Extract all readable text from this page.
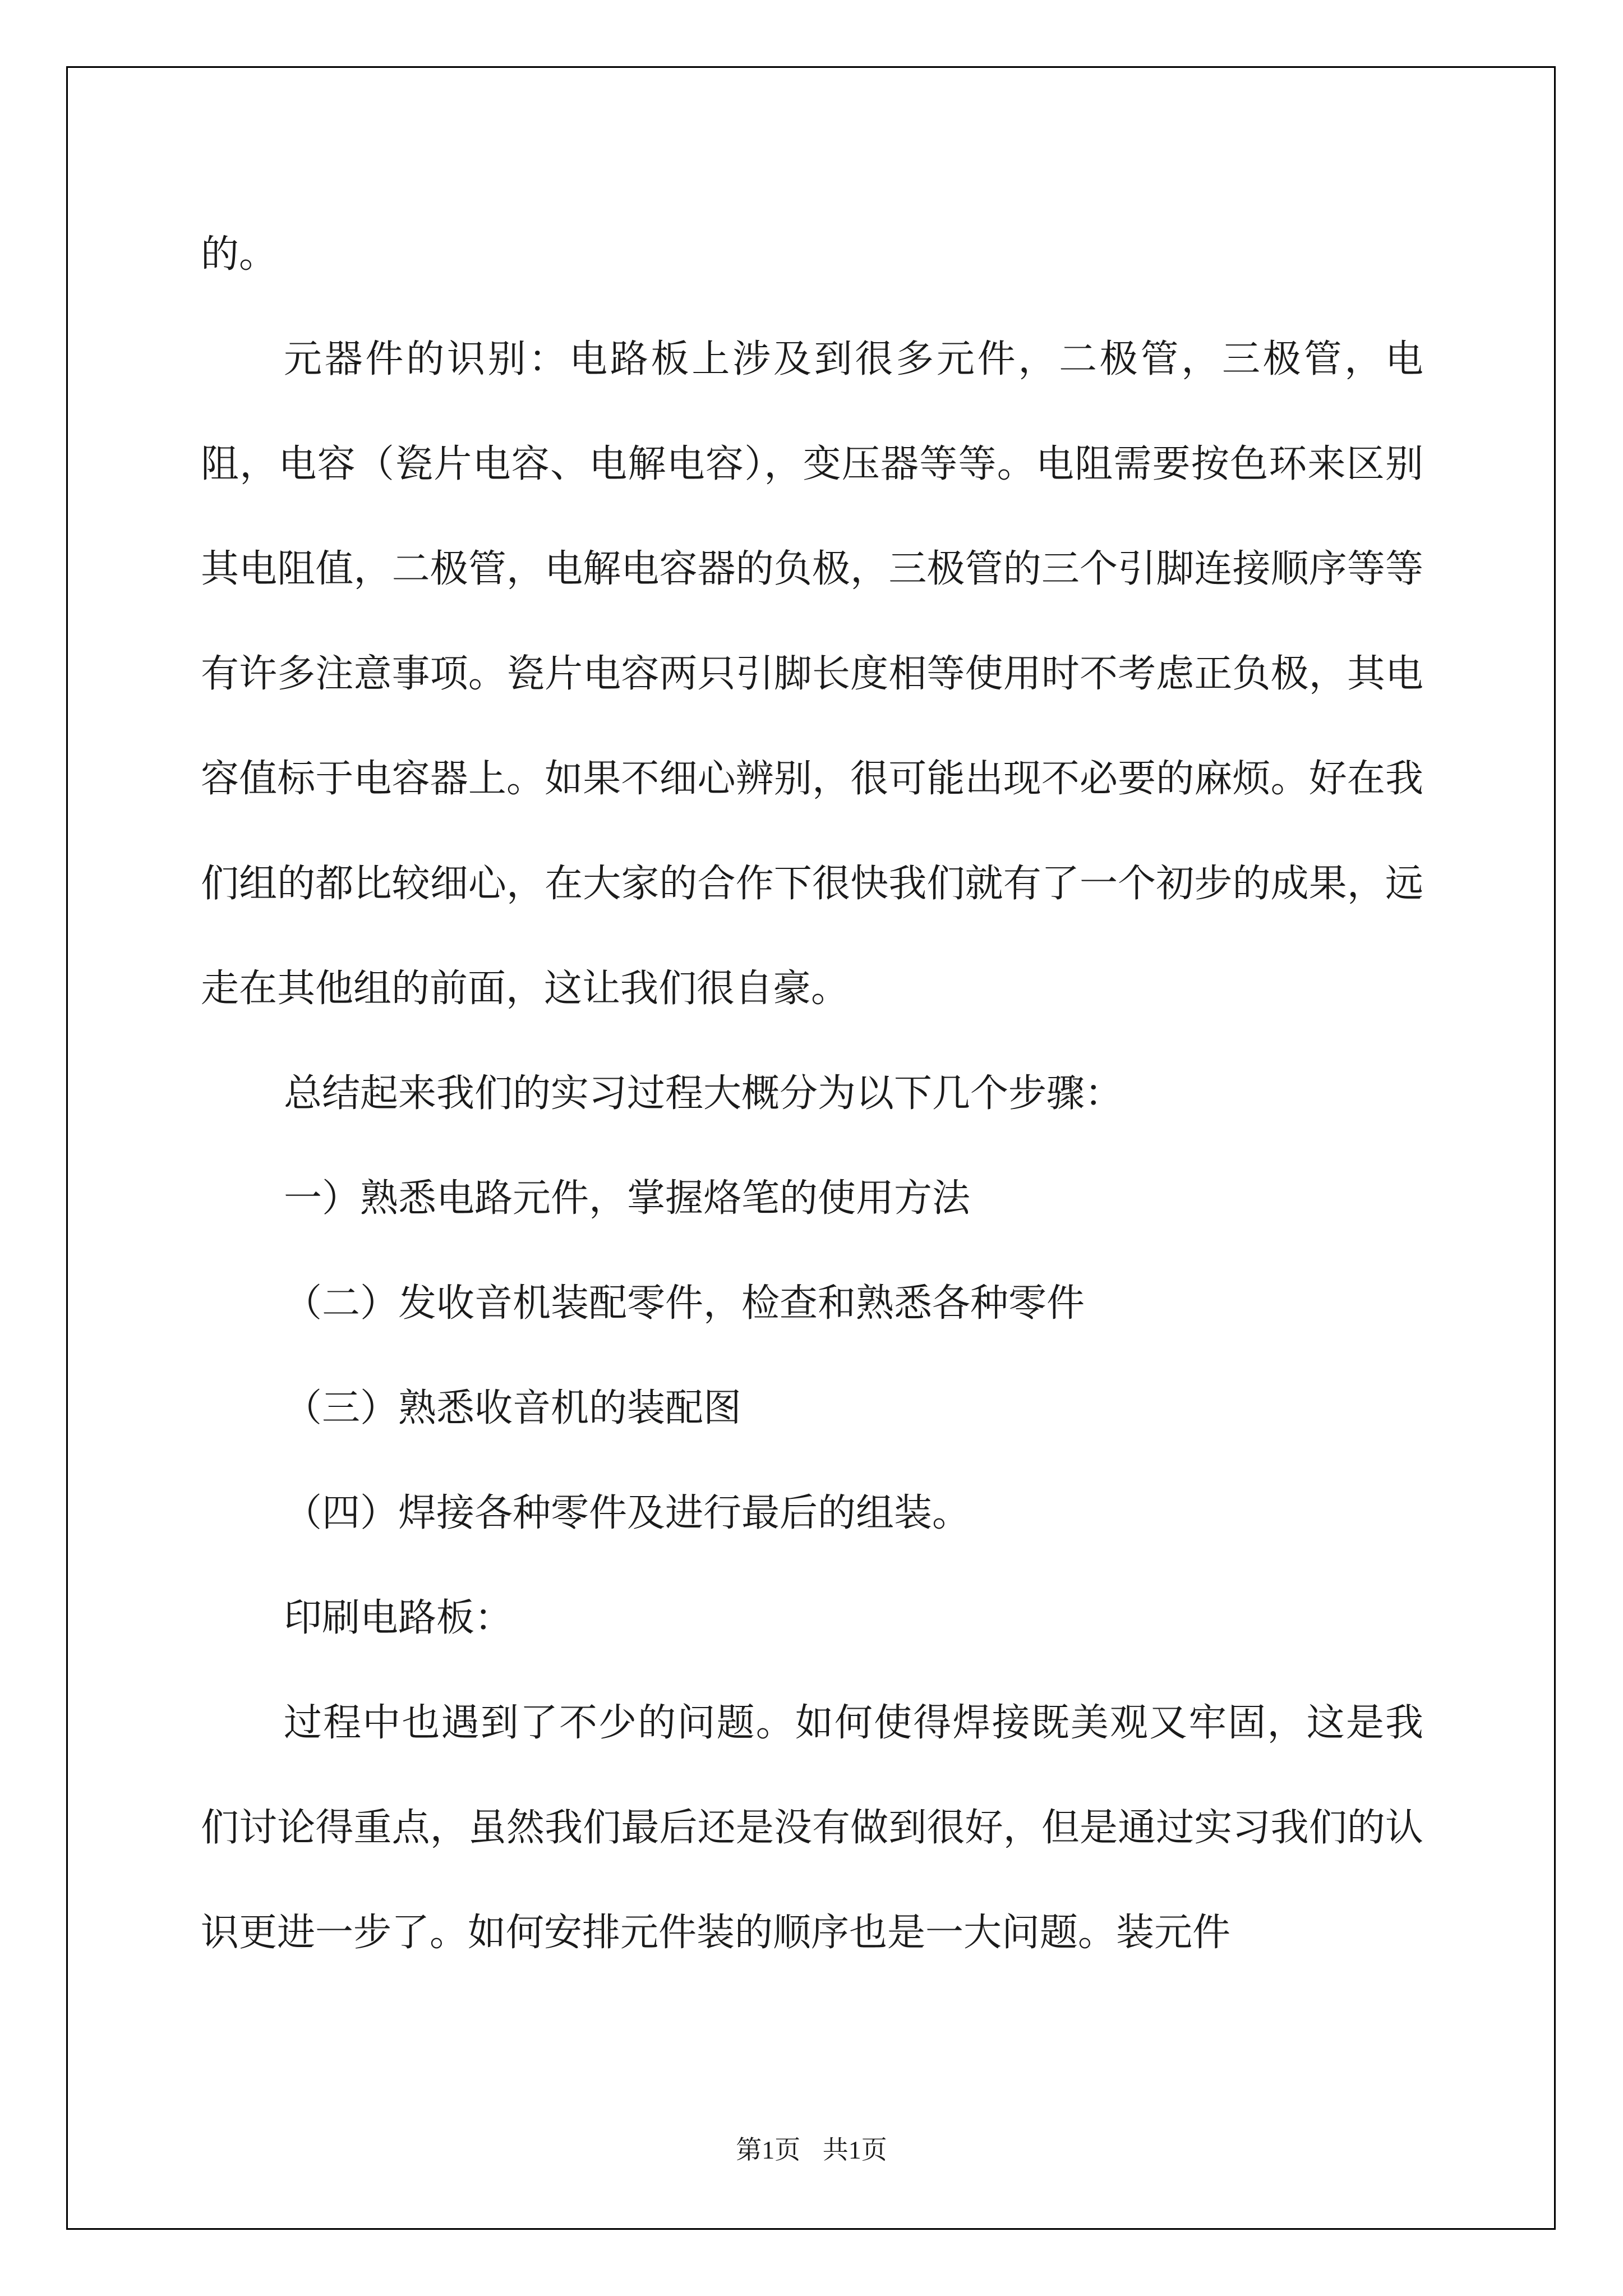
的。

元器件的识别：电路板上涉及到很多元件，二极管，三极管，电阻，电容（瓷片电容、电解电容），变压器等等。电阻需要按色环来区别其电阻值，二极管，电解电容器的负极，三极管的三个引脚连接顺序等等有许多注意事项。瓷片电容两只引脚长度相等使用时不考虑正负极，其电容值标于电容器上。如果不细心辨别，很可能出现不必要的麻烦。好在我们组的都比较细心，在大家的合作下很快我们就有了一个初步的成果，远走在其他组的前面，这让我们很自豪。

总结起来我们的实习过程大概分为以下几个步骤：

一）熟悉电路元件，掌握烙笔的使用方法

（二）发收音机装配零件，检查和熟悉各种零件

（三）熟悉收音机的装配图

（四）焊接各种零件及进行最后的组装。

印刷电路板：

过程中也遇到了不少的问题。如何使得焊接既美观又牢固，这是我们讨论得重点，虽然我们最后还是没有做到很好，但是通过实习我们的认识更进一步了。如何安排元件装的顺序也是一大问题。装元件

第1页 共1页
